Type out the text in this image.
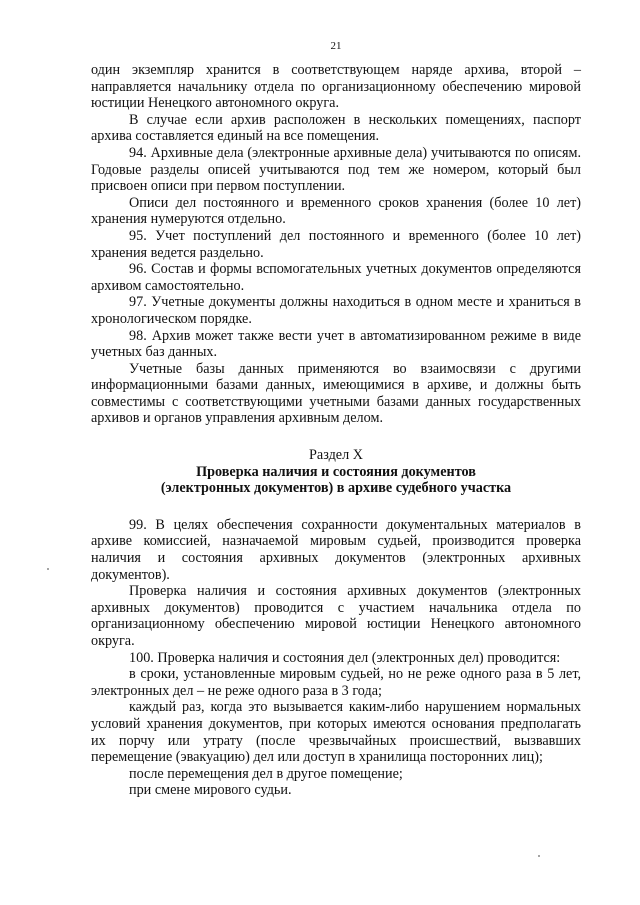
21

один экземпляр хранится в соответствующем наряде архива, второй – направляется начальнику отдела по организационному обеспечению мировой юстиции Ненецкого автономного округа.

В случае если архив расположен в нескольких помещениях, паспорт архива составляется единый на все помещения.

94. Архивные дела (электронные архивные дела) учитываются по описям. Годовые разделы описей учитываются под тем же номером, который был присвоен описи при первом поступлении.

Описи дел постоянного и временного сроков хранения (более 10 лет) хранения нумеруются отдельно.

95. Учет поступлений дел постоянного и временного (более 10 лет) хранения ведется раздельно.

96. Состав и формы вспомогательных учетных документов определяются архивом самостоятельно.

97. Учетные документы должны находиться в одном месте и храниться в хронологическом порядке.

98. Архив может также вести учет в автоматизированном режиме в виде учетных баз данных.

Учетные базы данных применяются во взаимосвязи с другими информационными базами данных, имеющимися в архиве, и должны быть совместимы с соответствующими учетными базами данных государственных архивов и органов управления архивным делом.

Раздел X
Проверка наличия и состояния документов
(электронных документов) в архиве судебного участка

99. В целях обеспечения сохранности документальных материалов в архиве комиссией, назначаемой мировым судьей, производится проверка наличия и состояния архивных документов (электронных архивных документов).

Проверка наличия и состояния архивных документов (электронных архивных документов) проводится с участием начальника отдела по организационному обеспечению мировой юстиции Ненецкого автономного округа.

100. Проверка наличия и состояния дел (электронных дел) проводится:

в сроки, установленные мировым судьей, но не реже одного раза в 5 лет, электронных дел – не реже одного раза в 3 года;

каждый раз, когда это вызывается каким-либо нарушением нормальных условий хранения документов, при которых имеются основания предполагать их порчу или утрату (после чрезвычайных происшествий, вызвавших перемещение (эвакуацию) дел или доступ в хранилища посторонних лиц);

после перемещения дел в другое помещение;

при смене мирового судьи.
